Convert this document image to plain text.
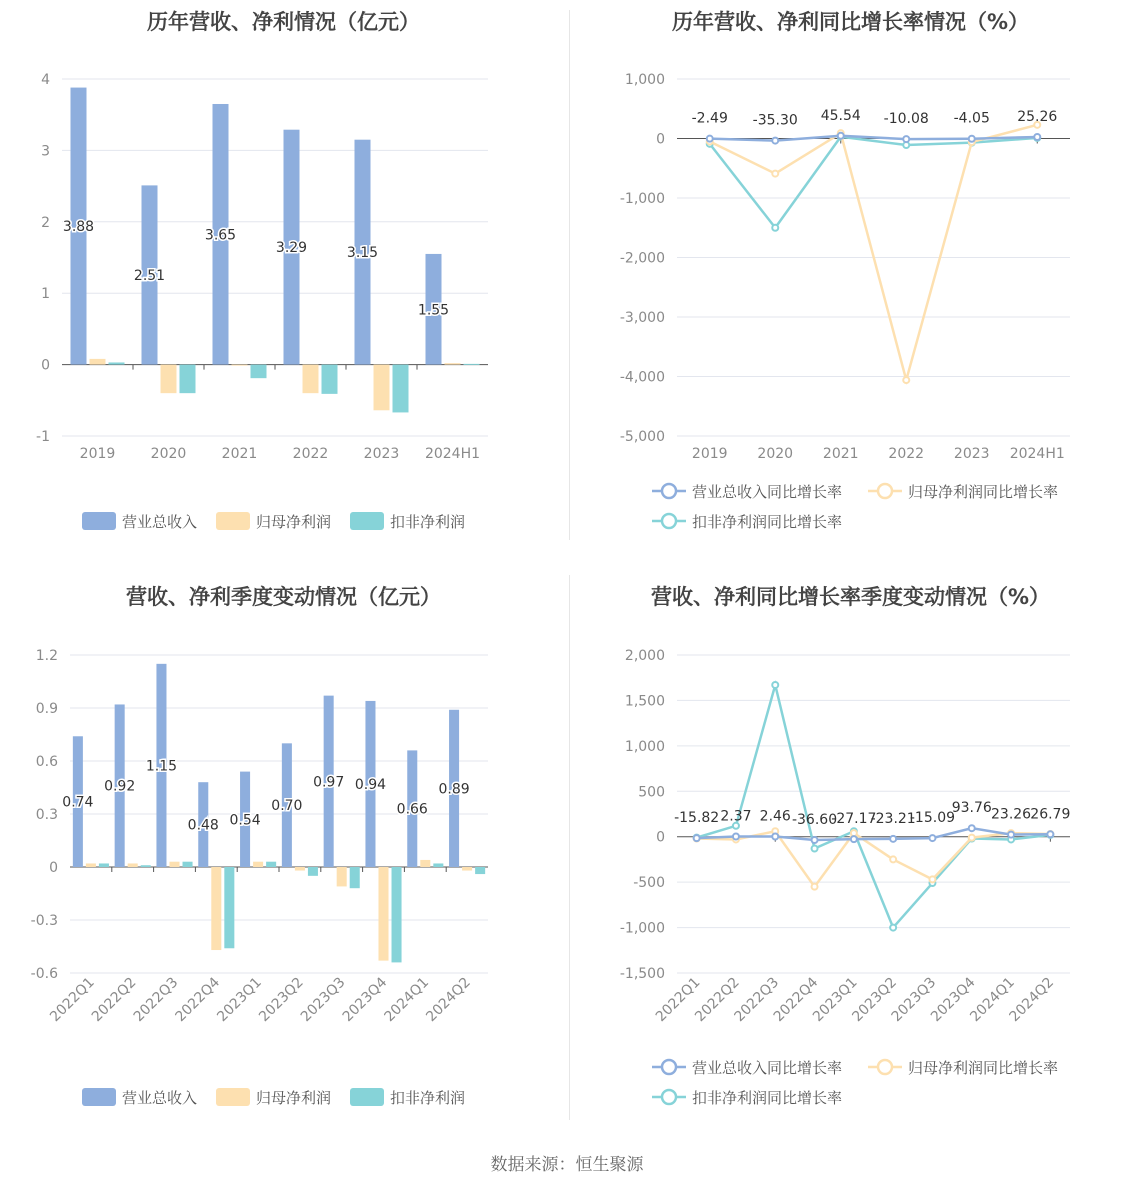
历年营收、净利情况（亿元）
-1
0
1
2
3
4
2019	2020	2021	2022	2023 2024H1
3.88
2.51
3.65
3.29	3.15
1.55
营业总收入	归母净利润	扣非净利润
历年营收、净利同比增长率情况（%）
-5,000
-4,000
-3,000
-2,000
-1,000
0
1,000
2019 2020 2021 2022 2023 2024H1
-2.49 -35.30 45.54 -10.08 -4.05 25.26
营业总收入同比增长率	归母净利润同比增长率
扣非净利润同比增长率
营收、净利季度变动情况（亿元）
-0.6
-0.3
0
0.3
0.6
0.9
1.2
2022Q1
2022Q2
2022Q3
2022Q4
2023Q1
2023Q2
2023Q3
2023Q4
2024Q1
2024Q2
0.74
0.92
1.15
0.48 0.54
0.70
0.97 0.94
0.66
0.89
营业总收入	归母净利润	扣非净利润
营收、净利同比增长率季度变动情况（%）
-1,500
-1,000
-500
0
500
1,000
1,500
2,000
2022Q1
2022Q2
2022Q3
2022Q4
2023Q1
2023Q2
2023Q3
2023Q4
2024Q1
2024Q2
-15.82 2.37 2.46 -36.60
-27.17
-23.21
-15.09
93.76 23.26 26.79
营业总收入同比增长率	归母净利润同比增长率
扣非净利润同比增长率
数据来源：恒生聚源
